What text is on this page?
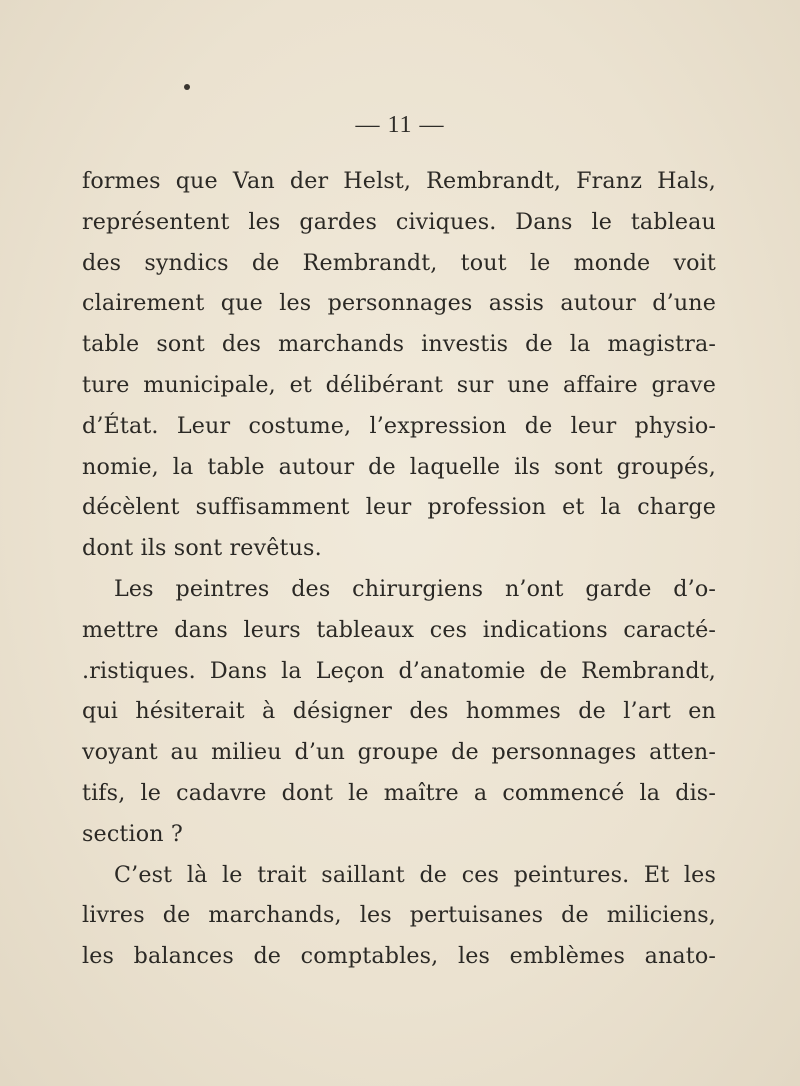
— 11 —
formes que Van der Helst, Rembrandt, Franz Hals,
représentent les gardes civiques. Dans le tableau
des syndics de Rembrandt, tout le monde voit
clairement que les personnages assis autour d’une
table sont des marchands investis de la magistra-
ture municipale, et délibérant sur une affaire grave
d’État. Leur costume, l’expression de leur physio-
nomie, la table autour de laquelle ils sont groupés,
décèlent suffisamment leur profession et la charge
dont ils sont revêtus.
Les peintres des chirurgiens n’ont garde d’o-
mettre dans leurs tableaux ces indications caracté-
.ristiques. Dans la Leçon d’anatomie de Rembrandt,
qui hésiterait à désigner des hommes de l’art en
voyant au milieu d’un groupe de personnages atten-
tifs, le cadavre dont le maître a commencé la dis-
section ?
C’est là le trait saillant de ces peintures. Et les
livres de marchands, les pertuisanes de miliciens,
les balances de comptables, les emblèmes anato-
